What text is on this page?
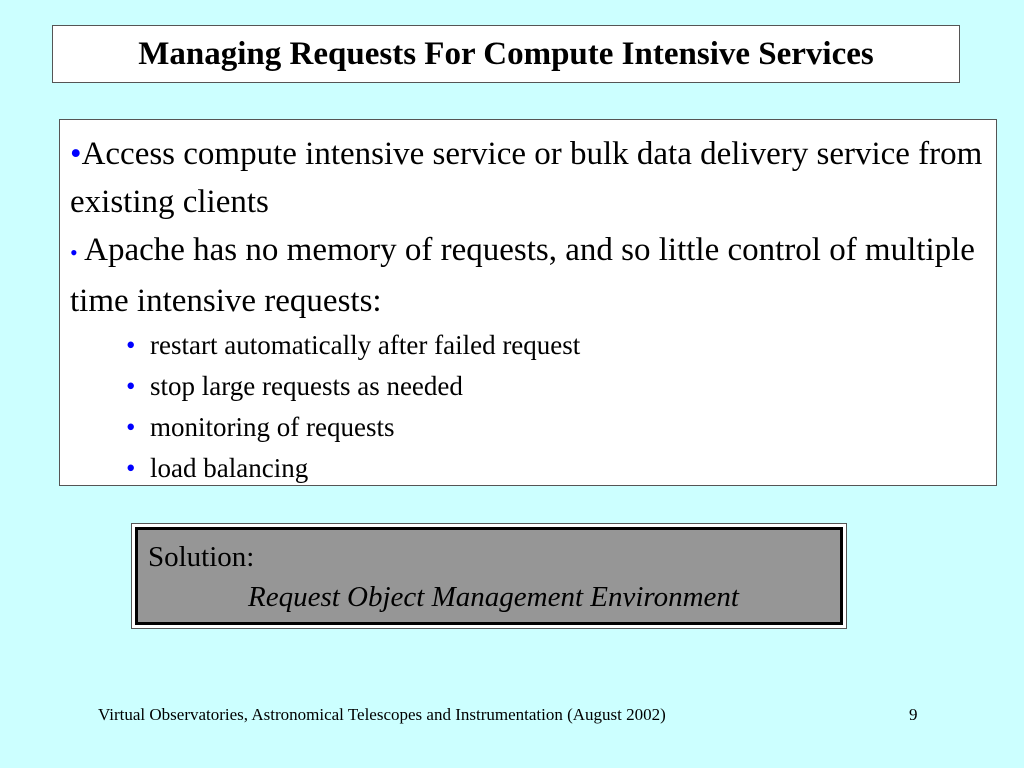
Managing Requests For Compute Intensive Services

•Access compute intensive service or bulk data delivery service from existing clients

• Apache has no memory of requests, and so little control of multiple time intensive requests:

• restart automatically after failed request
• stop large requests as needed
• monitoring of requests
• load balancing

Solution:

Request Object Management Environment

Virtual Observatories, Astronomical Telescopes and Instrumentation (August 2002)	9
